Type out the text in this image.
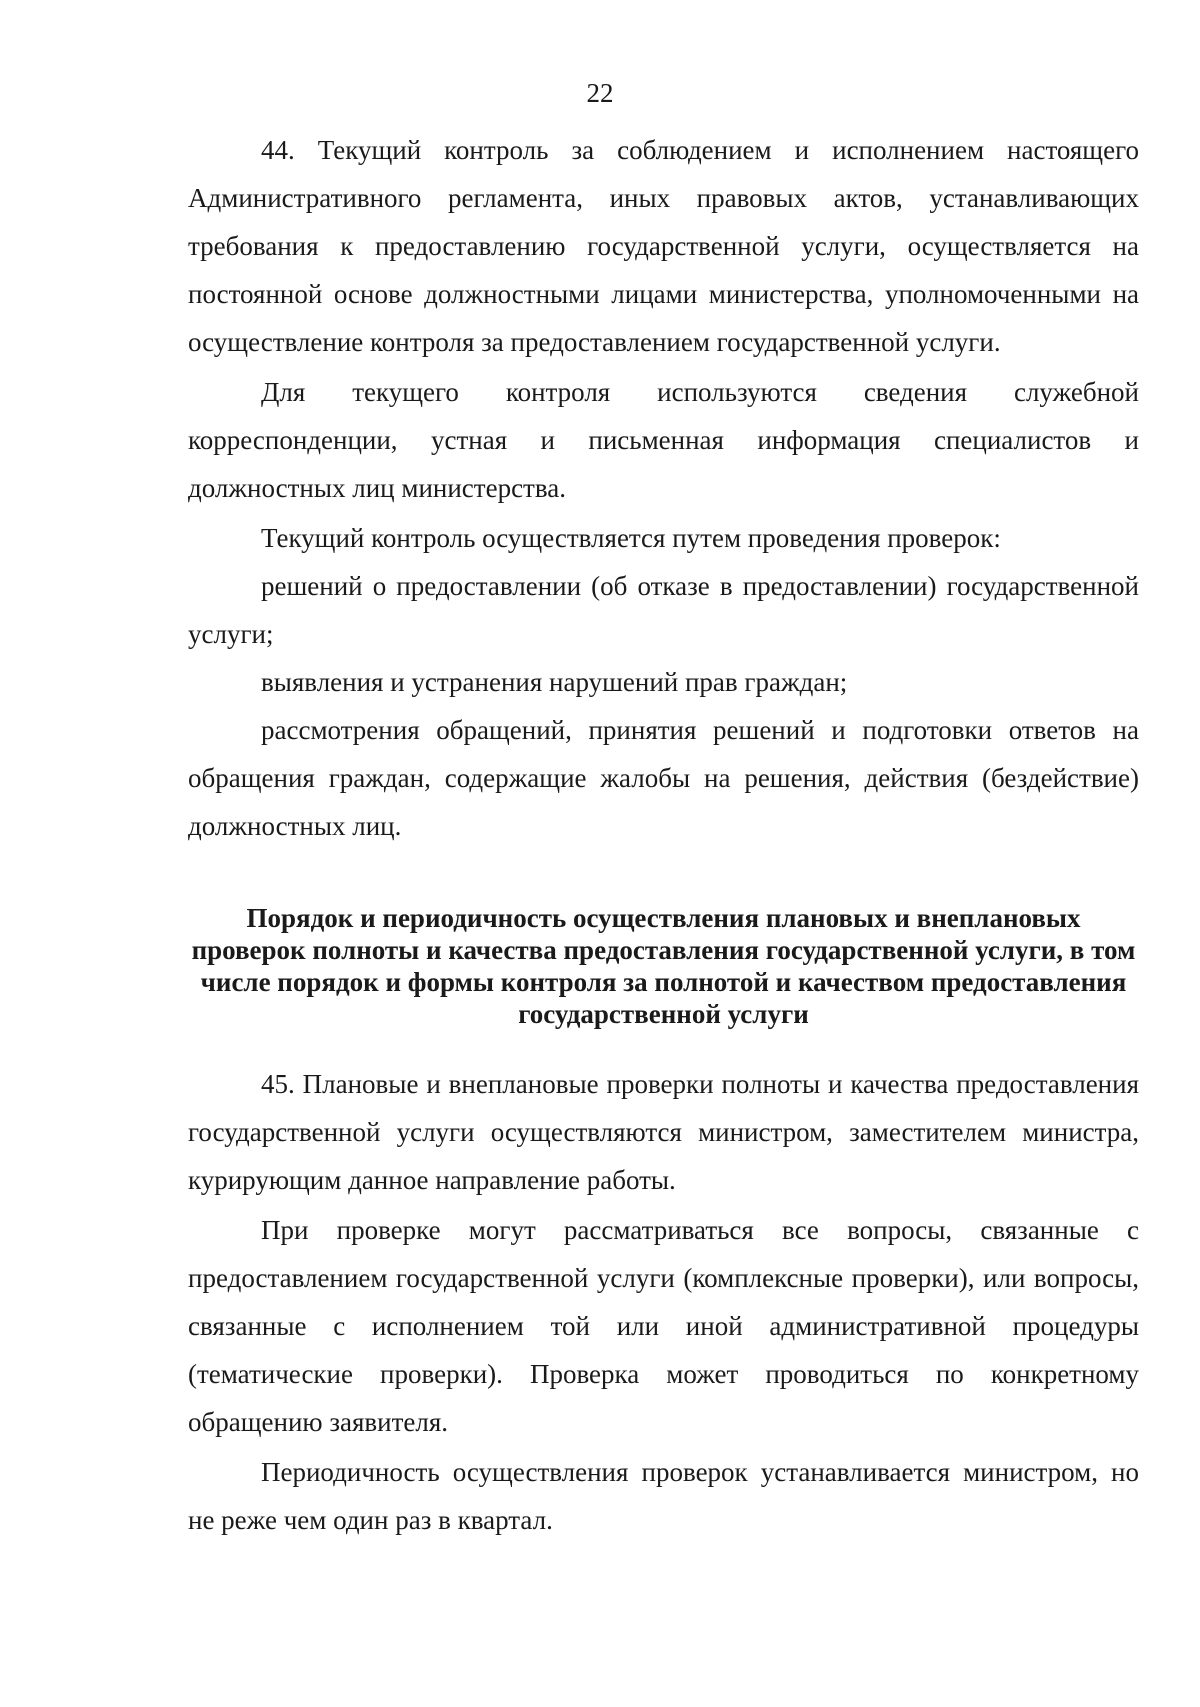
22

44. Текущий контроль за соблюдением и исполнением настоящего Административного регламента, иных правовых актов, устанавливающих требования к предоставлению государственной услуги, осуществляется на постоянной основе должностными лицами министерства, уполномоченными на осуществление контроля за предоставлением государственной услуги.

Для текущего контроля используются сведения служебной корреспонденции, устная и письменная информация специалистов и должностных лиц министерства.

Текущий контроль осуществляется путем проведения проверок:

решений о предоставлении (об отказе в предоставлении) государственной услуги;

выявления и устранения нарушений прав граждан;

рассмотрения обращений, принятия решений и подготовки ответов на обращения граждан, содержащие жалобы на решения, действия (бездействие) должностных лиц.

Порядок и периодичность осуществления плановых и внеплановых проверок полноты и качества предоставления государственной услуги, в том числе порядок и формы контроля за полнотой и качеством предоставления государственной услуги

45. Плановые и внеплановые проверки полноты и качества предоставления государственной услуги осуществляются министром, заместителем министра, курирующим данное направление работы.

При проверке могут рассматриваться все вопросы, связанные с предоставлением государственной услуги (комплексные проверки), или вопросы, связанные с исполнением той или иной административной процедуры (тематические проверки). Проверка может проводиться по конкретному обращению заявителя.

Периодичность осуществления проверок устанавливается министром, но не реже чем один раз в квартал.
